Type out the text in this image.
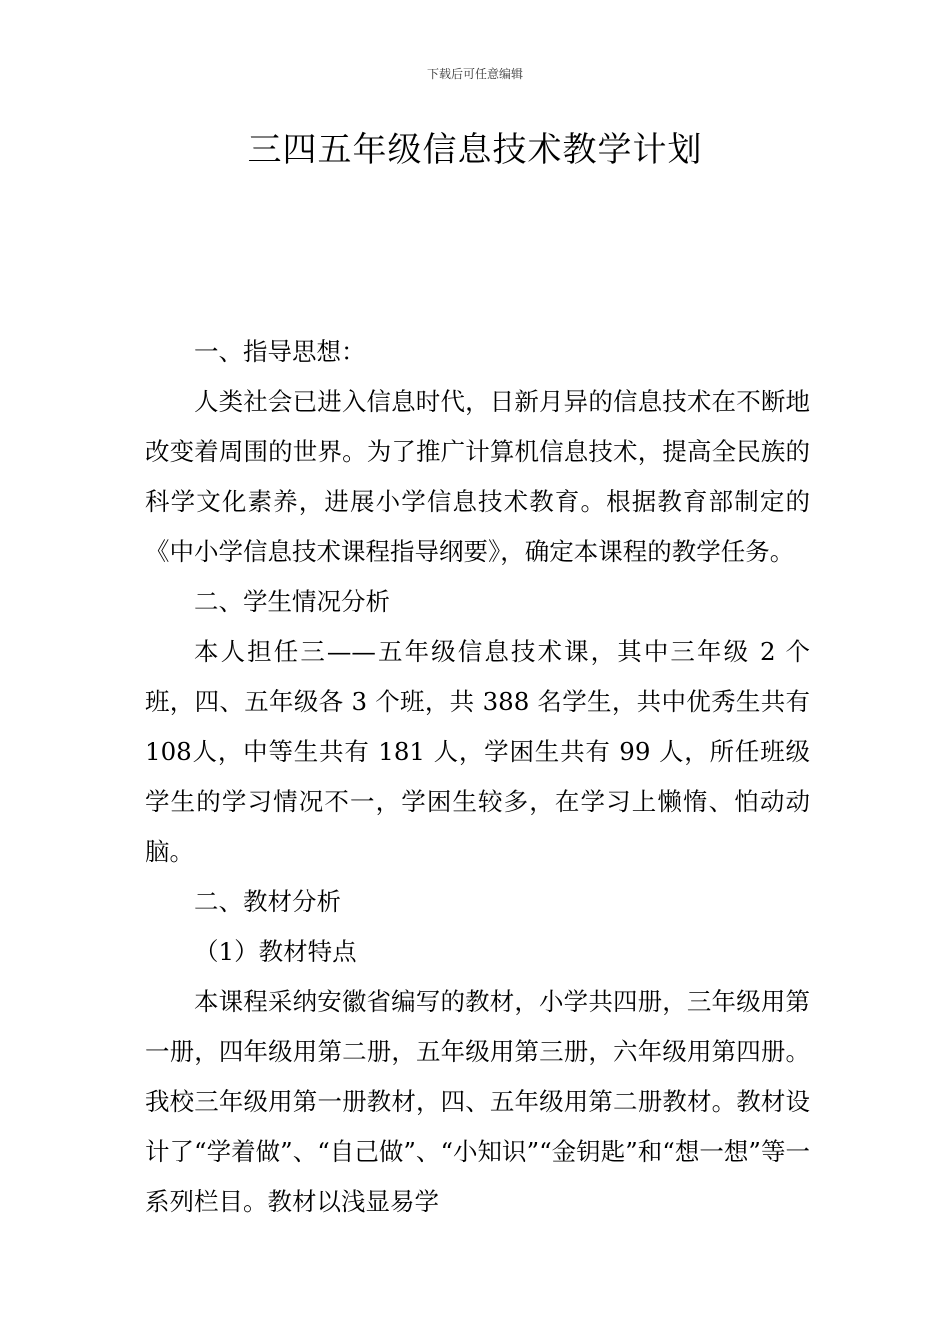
下载后可任意编辑
三四五年级信息技术教学计划

一、指导思想：

人类社会已进入信息时代，日新月异的信息技术在不断地改变着周围的世界。为了推广计算机信息技术，提高全民族的科学文化素养，进展小学信息技术教育。根据教育部制定的《中小学信息技术课程指导纲要》，确定本课程的教学任务。

二、学生情况分析

本人担任三——五年级信息技术课，其中三年级 2 个班，四、五年级各 3 个班，共 388 名学生，共中优秀生共有 108人，中等生共有 181 人，学困生共有 99 人，所任班级学生的学习情况不一，学困生较多，在学习上懒惰、怕动动脑。

二、教材分析

（1）教材特点

本课程采纳安徽省编写的教材，小学共四册，三年级用第一册，四年级用第二册，五年级用第三册，六年级用第四册。我校三年级用第一册教材，四、五年级用第二册教材。教材设计了“学着做”、“自己做”、“小知识”“金钥匙”和“想一想”等一系列栏目。教材以浅显易学
